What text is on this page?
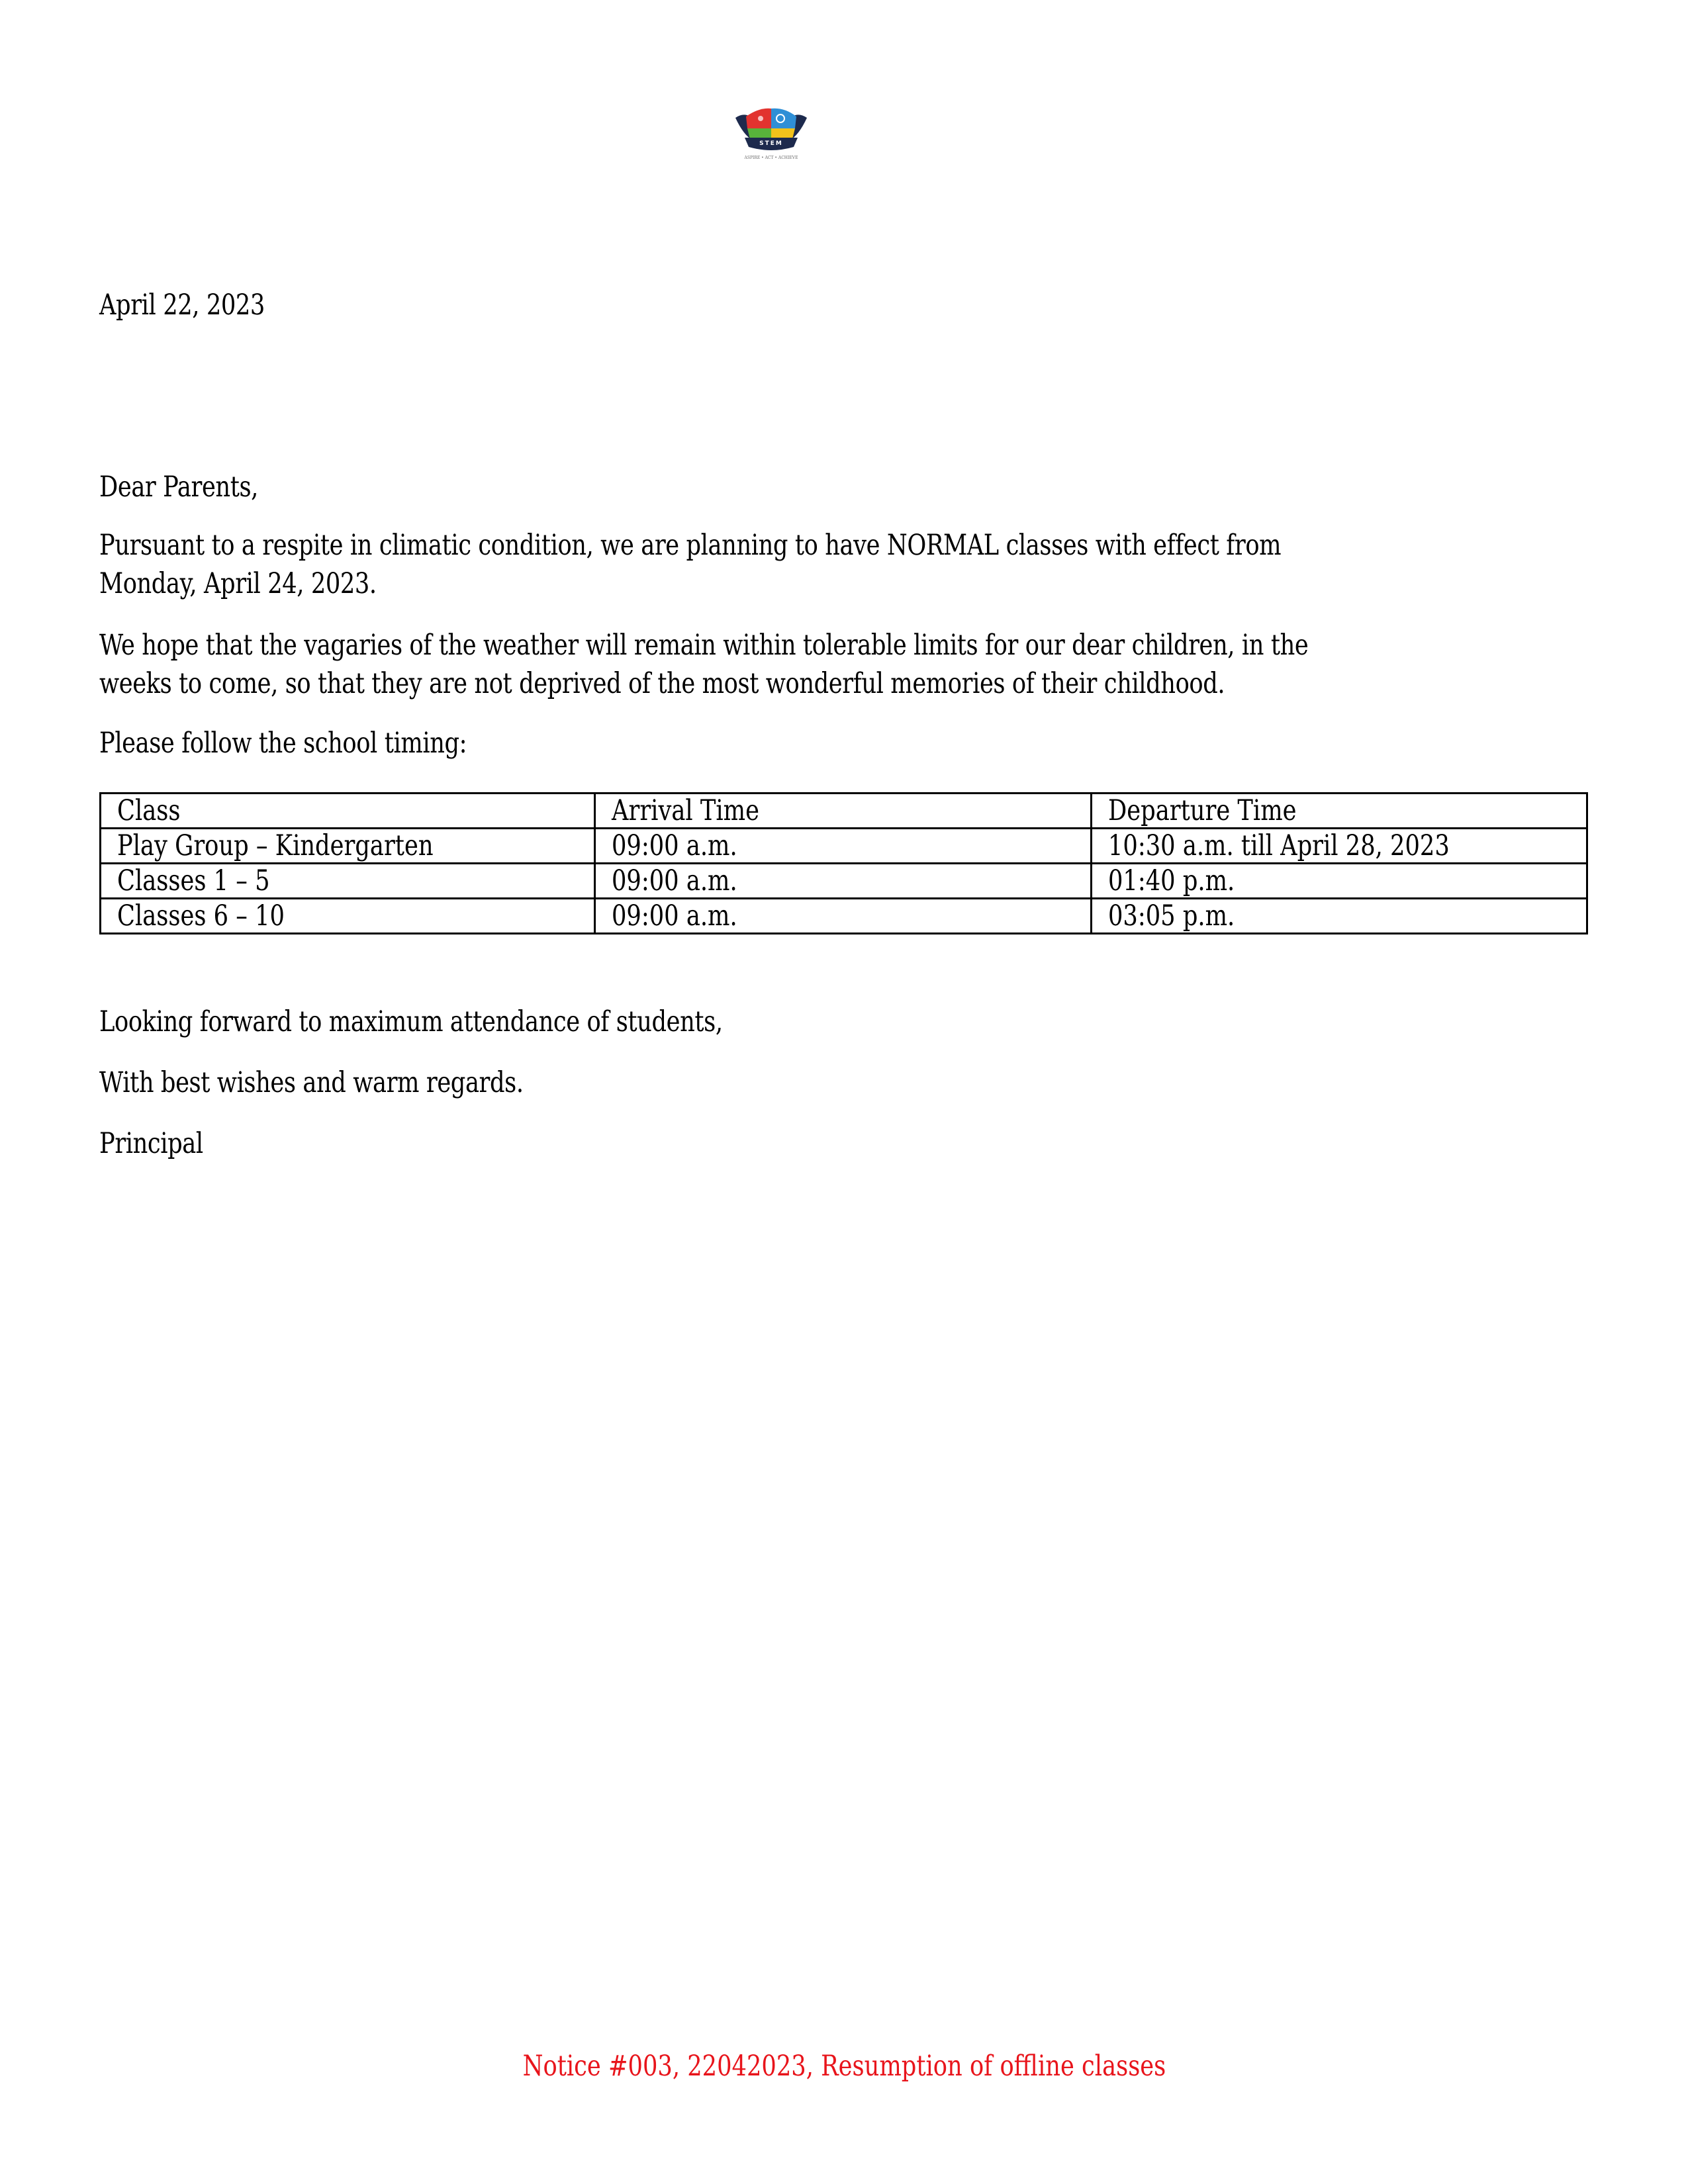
STEM
ASPIRE • ACT • ACHIEVE
April 22, 2023
Dear Parents,
Pursuant to a respite in climatic condition, we are planning to have NORMAL classes with effect from
Monday, April 24, 2023.
We hope that the vagaries of the weather will remain within tolerable limits for our dear children, in the
weeks to come, so that they are not deprived of the most wonderful memories of their childhood.
Please follow the school timing:
Class	Arrival Time	Departure Time
Play Group – Kindergarten	09:00 a.m.	10:30 a.m. till April 28, 2023
Classes 1 – 5	09:00 a.m.	01:40 p.m.
Classes 6 – 10	09:00 a.m.	03:05 p.m.
Looking forward to maximum attendance of students,
With best wishes and warm regards.
Principal
Notice #003, 22042023, Resumption of offline classes
